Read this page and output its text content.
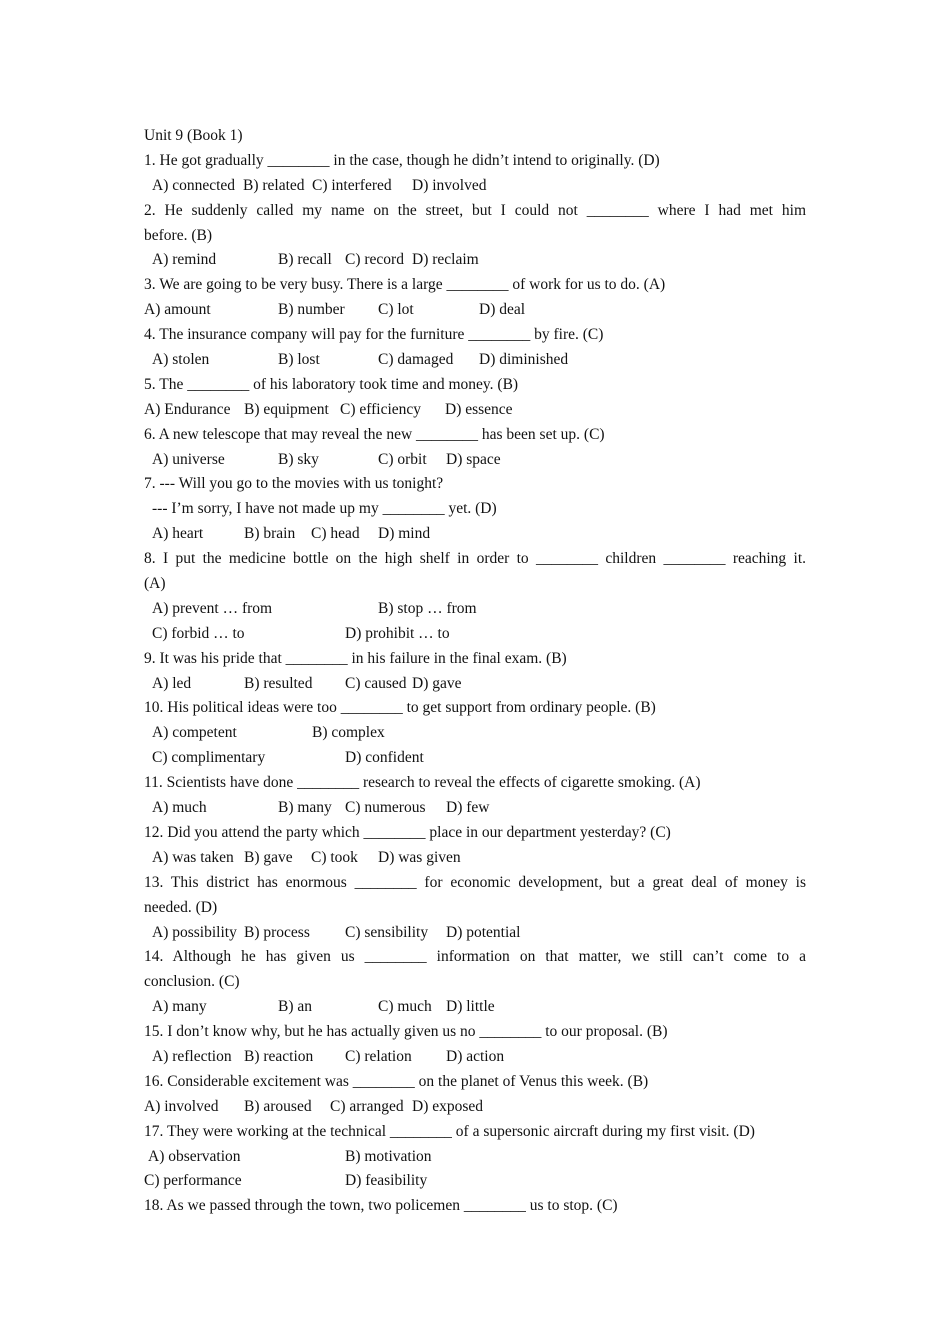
Unit 9 (Book 1)
1. He got gradually ________ in the case, though he didn’t intend to originally. (D)
A) connected B) related C) interfered D) involved
2. He suddenly called my name on the street, but I could not ________ where I had met him
before. (B)
A) remind	B) recall C) record D) reclaim
3. We are going to be very busy. There is a large ________ of work for us to do. (A)
A) amount	B) number C) lot	D) deal
4. The insurance company will pay for the furniture ________ by fire. (C)
A) stolen	B) lost	C) damaged D) diminished
5. The ________ of his laboratory took time and money. (B)
A) Endurance B) equipment C) efficiency D) essence
6. A new telescope that may reveal the new ________ has been set up. (C)
A) universe	B) sky	C) orbit D) space
7. --- Will you go to the movies with us tonight?
--- I’m sorry, I have not made up my ________ yet. (D)
A) heart	B) brain C) head D) mind
8. I put the medicine bottle on the high shelf in order to ________ children ________ reaching it.
(A)
A) prevent … from	B) stop … from
C) forbid … to	D) prohibit … to
9. It was his pride that ________ in his failure in the final exam. (B)
A) led	B) resulted C) caused D) gave
10. His political ideas were too ________ to get support from ordinary people. (B)
A) competent	B) complex
C) complimentary	D) confident
11. Scientists have done ________ research to reveal the effects of cigarette smoking. (A)
A) much	B) many C) numerous D) few
12. Did you attend the party which ________ place in our department yesterday? (C)
A) was taken B) gave C) took D) was given
13. This district has enormous ________ for economic development, but a great deal of money is
needed. (D)
A) possibility B) process C) sensibility D) potential
14. Although he has given us ________ information on that matter, we still can’t come to a
conclusion. (C)
A) many	B) an	C) much D) little
15. I don’t know why, but he has actually given us no ________ to our proposal. (B)
A) reflection B) reaction C) relation D) action
16. Considerable excitement was ________ on the planet of Venus this week. (B)
A) involved B) aroused C) arranged D) exposed
17. They were working at the technical ________ of a supersonic aircraft during my first visit. (D)
A) observation	B) motivation
C) performance	D) feasibility
18. As we passed through the town, two policemen ________ us to stop. (C)
